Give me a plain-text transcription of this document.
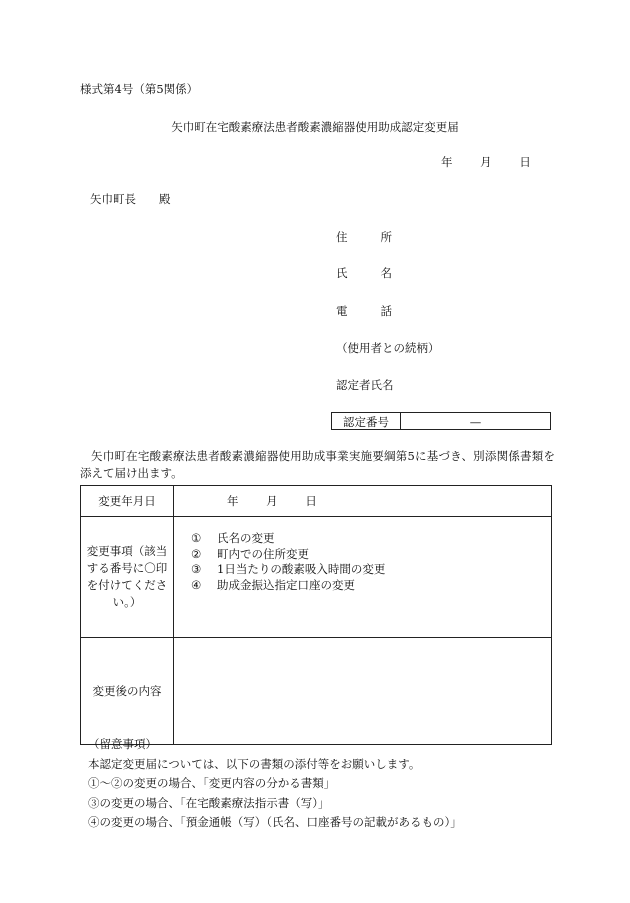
様式第4号（第5関係）
矢巾町在宅酸素療法患者酸素濃縮器使用助成認定変更届
年 月 日
矢巾町長　　殿
住所
氏名
電話
（使用者との続柄）
認定者氏名
認定番号	—

矢巾町在宅酸素療法患者酸素濃縮器使用助成事業実施要綱第5に基づき、別添関係書類を添えて届け出ます。

変更年月日	年 月 日
変更事項（該当する番号に〇印を付けてください。）	① 氏名の変更
② 町内での住所変更
③ 1日当たりの酸素吸入時間の変更
④ 助成金振込指定口座の変更

変更後の内容	
（留意事項）
本認定変更届については、以下の書類の添付等をお願いします。
①～②の変更の場合、「変更内容の分かる書類」
③の変更の場合、「在宅酸素療法指示書（写）」
④の変更の場合、「預金通帳（写）（氏名、口座番号の記載があるもの）」
